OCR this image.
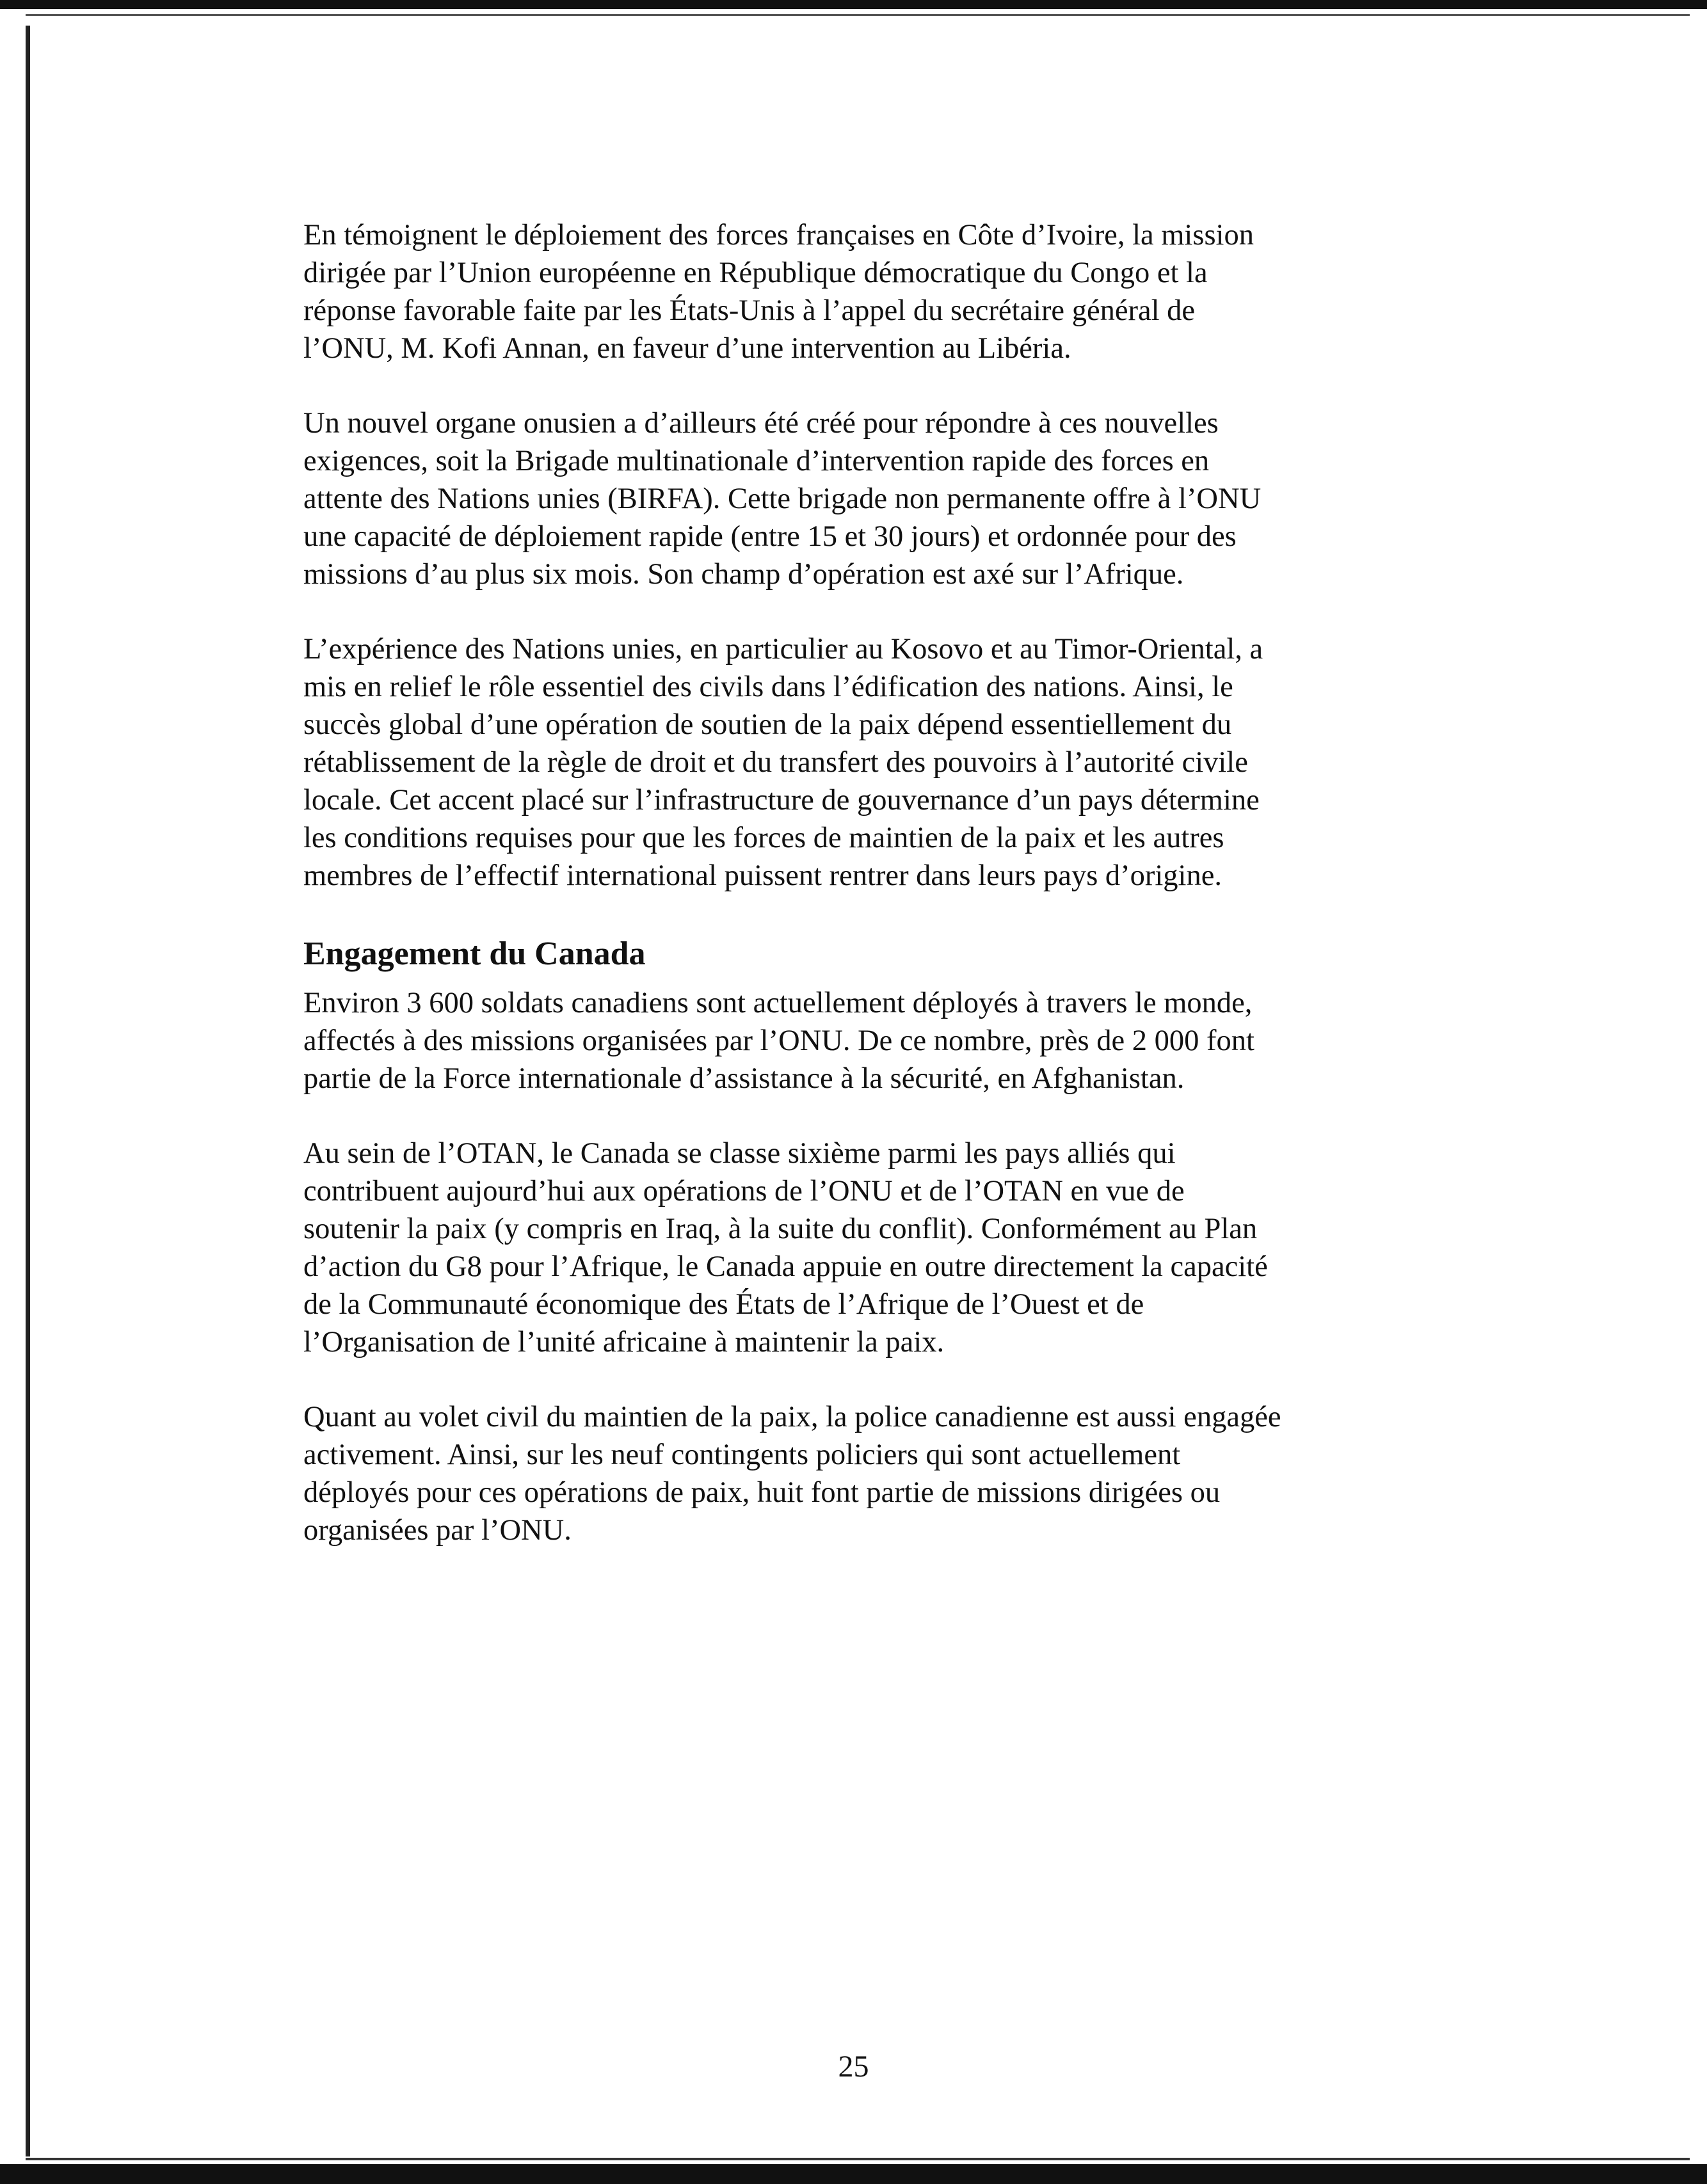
En témoignent le déploiement des forces françaises en Côte d’Ivoire, la mission
dirigée par l’Union européenne en République démocratique du Congo et la
réponse favorable faite par les États-Unis à l’appel du secrétaire général de
l’ONU, M. Kofi Annan, en faveur d’une intervention au Libéria.

Un nouvel organe onusien a d’ailleurs été créé pour répondre à ces nouvelles
exigences, soit la Brigade multinationale d’intervention rapide des forces en
attente des Nations unies (BIRFA). Cette brigade non permanente offre à l’ONU
une capacité de déploiement rapide (entre 15 et 30 jours) et ordonnée pour des
missions d’au plus six mois. Son champ d’opération est axé sur l’Afrique.

L’expérience des Nations unies, en particulier au Kosovo et au Timor-Oriental, a
mis en relief le rôle essentiel des civils dans l’édification des nations. Ainsi, le
succès global d’une opération de soutien de la paix dépend essentiellement du
rétablissement de la règle de droit et du transfert des pouvoirs à l’autorité civile
locale. Cet accent placé sur l’infrastructure de gouvernance d’un pays détermine
les conditions requises pour que les forces de maintien de la paix et les autres
membres de l’effectif international puissent rentrer dans leurs pays d’origine.

Engagement du Canada

Environ 3 600 soldats canadiens sont actuellement déployés à travers le monde,
affectés à des missions organisées par l’ONU. De ce nombre, près de 2 000 font
partie de la Force internationale d’assistance à la sécurité, en Afghanistan.

Au sein de l’OTAN, le Canada se classe sixième parmi les pays alliés qui
contribuent aujourd’hui aux opérations de l’ONU et de l’OTAN en vue de
soutenir la paix (y compris en Iraq, à la suite du conflit). Conformément au Plan
d’action du G8 pour l’Afrique, le Canada appuie en outre directement la capacité
de la Communauté économique des États de l’Afrique de l’Ouest et de
l’Organisation de l’unité africaine à maintenir la paix.

Quant au volet civil du maintien de la paix, la police canadienne est aussi engagée
activement. Ainsi, sur les neuf contingents policiers qui sont actuellement
déployés pour ces opérations de paix, huit font partie de missions dirigées ou
organisées par l’ONU.

25
